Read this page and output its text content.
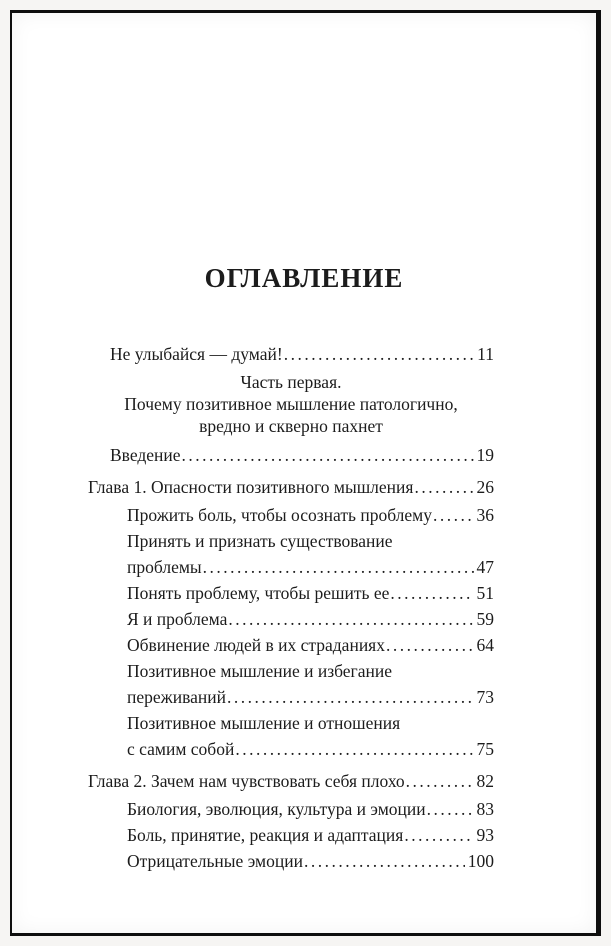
ОГЛАВЛЕНИЕ
Не улыбайся — думай! .....	11
Часть первая.
Почему позитивное мышление патологично,
вредно и скверно пахнет
Введение .....	19
Глава 1. Опасности позитивного мышления .....	26
Прожить боль, чтобы осознать проблему .....	36
Принять и признать существование
проблемы .....	47
Понять проблему, чтобы решить ее .....	51
Я и проблема .....	59
Обвинение людей в их страданиях .....	64
Позитивное мышление и избегание
переживаний .....	73
Позитивное мышление и отношения
с самим собой .....	75
Глава 2. Зачем нам чувствовать себя плохо .....	82
Биология, эволюция, культура и эмоции .....	83
Боль, принятие, реакция и адаптация .....	93
Отрицательные эмоции .....	100
